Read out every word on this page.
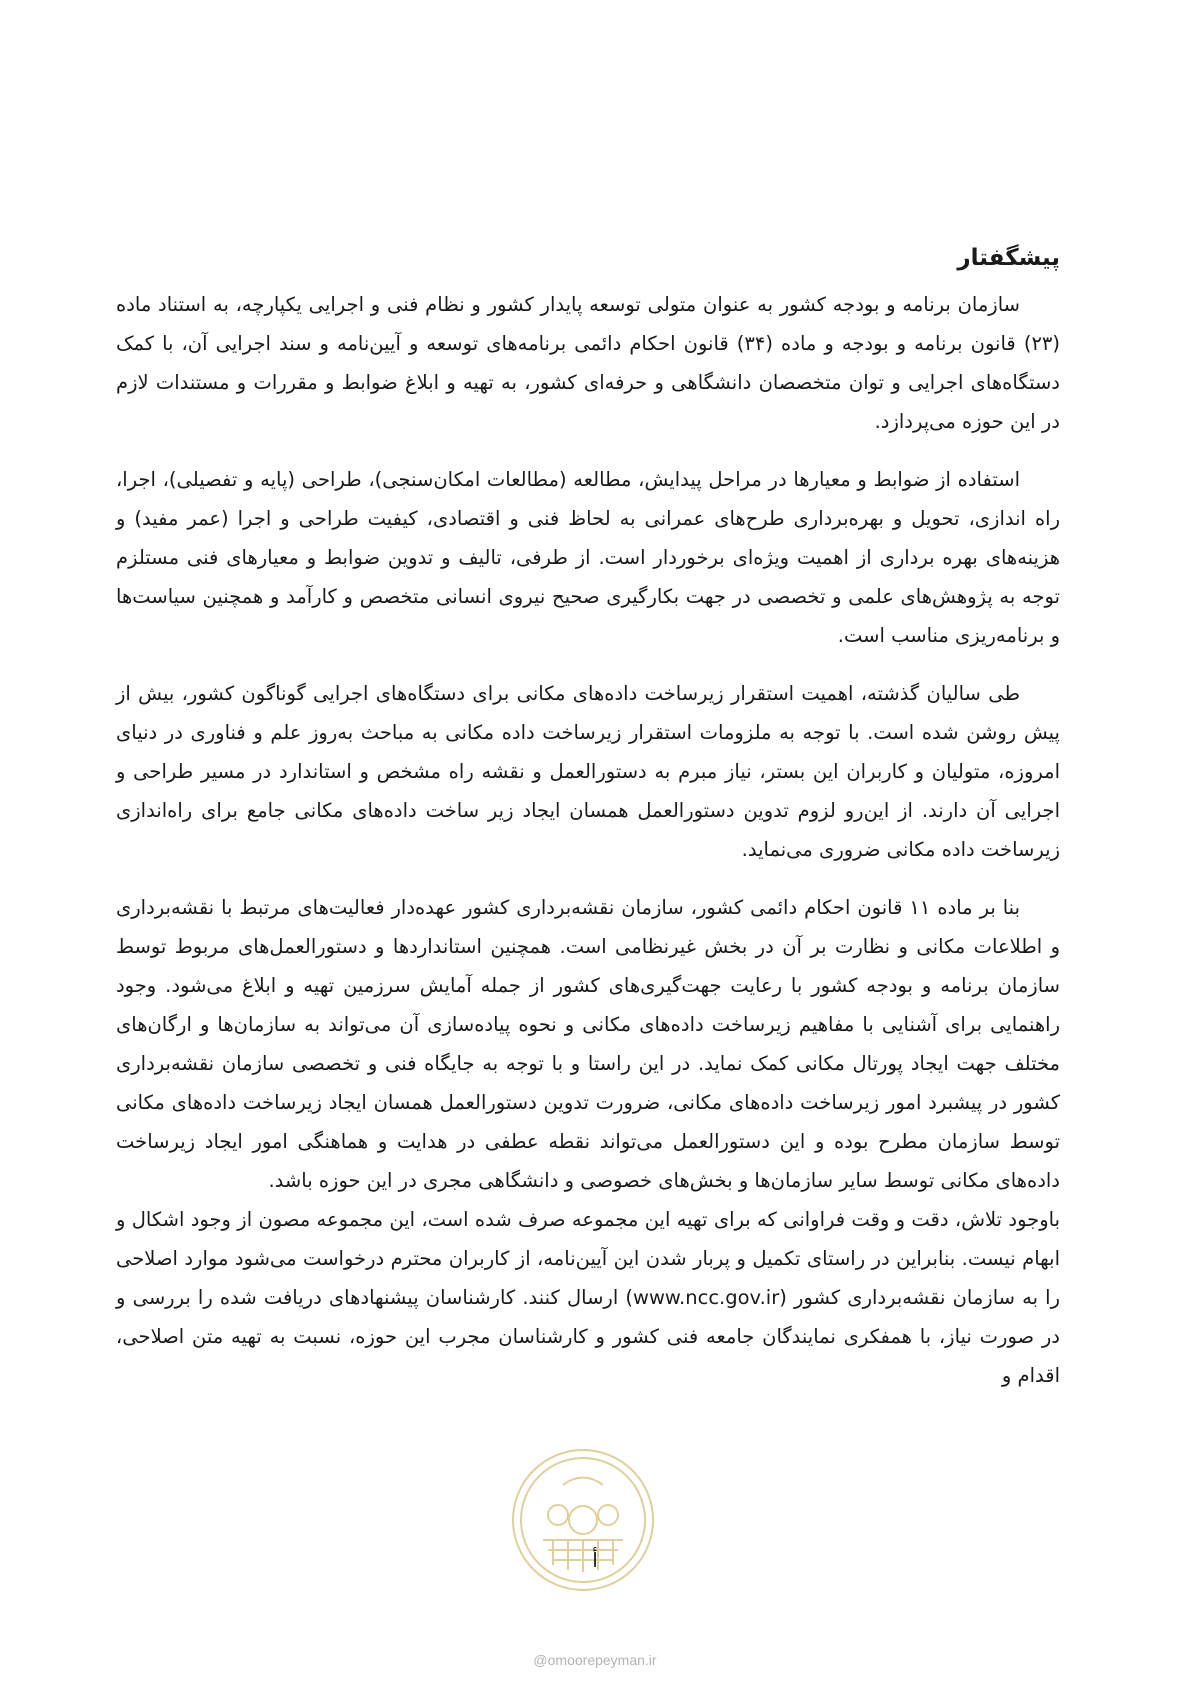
پیشگفتار

سازمان برنامه و بودجه کشور به عنوان متولی توسعه پایدار کشور و نظام فنی و اجرایی یکپارچه، به استناد ماده (۲۳) قانون برنامه و بودجه و ماده (۳۴) قانون احکام دائمی برنامه‌های توسعه و آیین‌نامه و سند اجرایی آن، با کمک دستگاه‌های اجرایی و توان متخصصان دانشگاهی و حرفه‌ای کشور، به تهیه و ابلاغ ضوابط و مقررات و مستندات لازم در این حوزه می‌پردازد.

استفاده از ضوابط و معیارها در مراحل پیدایش، مطالعه (مطالعات امکان‌سنجی)، طراحی (پایه و تفصیلی)، اجرا، راه اندازی، تحویل و بهره‌برداری طرح‌های عمرانی به لحاظ فنی و اقتصادی، کیفیت طراحی و اجرا (عمر مفید) و هزینه‌های بهره برداری از اهمیت ویژه‌ای برخوردار است. از طرفی، تالیف و تدوین ضوابط و معیارهای فنی مستلزم توجه به پژوهش‌های علمی و تخصصی در جهت بکارگیری صحیح نیروی انسانی متخصص و کارآمد و همچنین سیاست‌ها و برنامه‌ریزی مناسب است.

طی سالیان گذشته، اهمیت استقرار زیرساخت داده‌های مکانی برای دستگاه‌های اجرایی گوناگون کشور، بیش از پیش روشن شده است. با توجه به ملزومات استقرار زیرساخت داده مکانی به مباحث به‌روز علم و فناوری در دنیای امروزه، متولیان و کاربران این بستر، نیاز مبرم به دستورالعمل و نقشه راه مشخص و استاندارد در مسیر طراحی و اجرایی آن دارند. از این‌رو لزوم تدوین دستورالعمل همسان ایجاد زیر ساخت داده‌های مکانی جامع برای راه‌اندازی زیرساخت داده مکانی ضروری می‌نماید.

بنا بر ماده ۱۱ قانون احکام دائمی کشور، سازمان نقشه‌برداری کشور عهده‌دار فعالیت‌های مرتبط با نقشه‌برداری و اطلاعات مکانی و نظارت بر آن در بخش غیرنظامی است. همچنین استانداردها و دستورالعمل‌های مربوط توسط سازمان برنامه و بودجه کشور با رعایت جهت‌گیری‌های کشور از جمله آمایش سرزمین تهیه و ابلاغ می‌شود. وجود راهنمایی برای آشنایی با مفاهیم زیرساخت داده‌های مکانی و نحوه پیاده‌سازی آن می‌تواند به سازمان‌ها و ارگان‌های مختلف جهت ایجاد پورتال مکانی کمک نماید. در این راستا و با توجه به جایگاه فنی و تخصصی سازمان نقشه‌برداری کشور در پیشبرد امور زیرساخت داده‌های مکانی، ضرورت تدوین دستورالعمل همسان ایجاد زیرساخت داده‌های مکانی توسط سازمان مطرح بوده و این دستورالعمل می‌تواند نقطه عطفی در هدایت و هماهنگی امور ایجاد زیرساخت داده‌های مکانی توسط سایر سازمان‌ها و بخش‌های خصوصی و دانشگاهی مجری در این حوزه باشد.

باوجود تلاش، دقت و وقت فراوانی که برای تهیه این مجموعه صرف شده است، این مجموعه مصون از وجود اشکال و ابهام نیست. بنابراین در راستای تکمیل و پربار شدن این آیین‌نامه، از کاربران محترم درخواست می‌شود موارد اصلاحی را به سازمان نقشه‌برداری کشور (www.ncc.gov.ir) ارسال کنند. کارشناسان پیشنهادهای دریافت شده را بررسی و در صورت نیاز، با همفکری نمایندگان جامعه فنی کشور و کارشناسان مجرب این حوزه، نسبت به تهیه متن اصلاحی، اقدام و

أ
@omoorepeyman.ir
